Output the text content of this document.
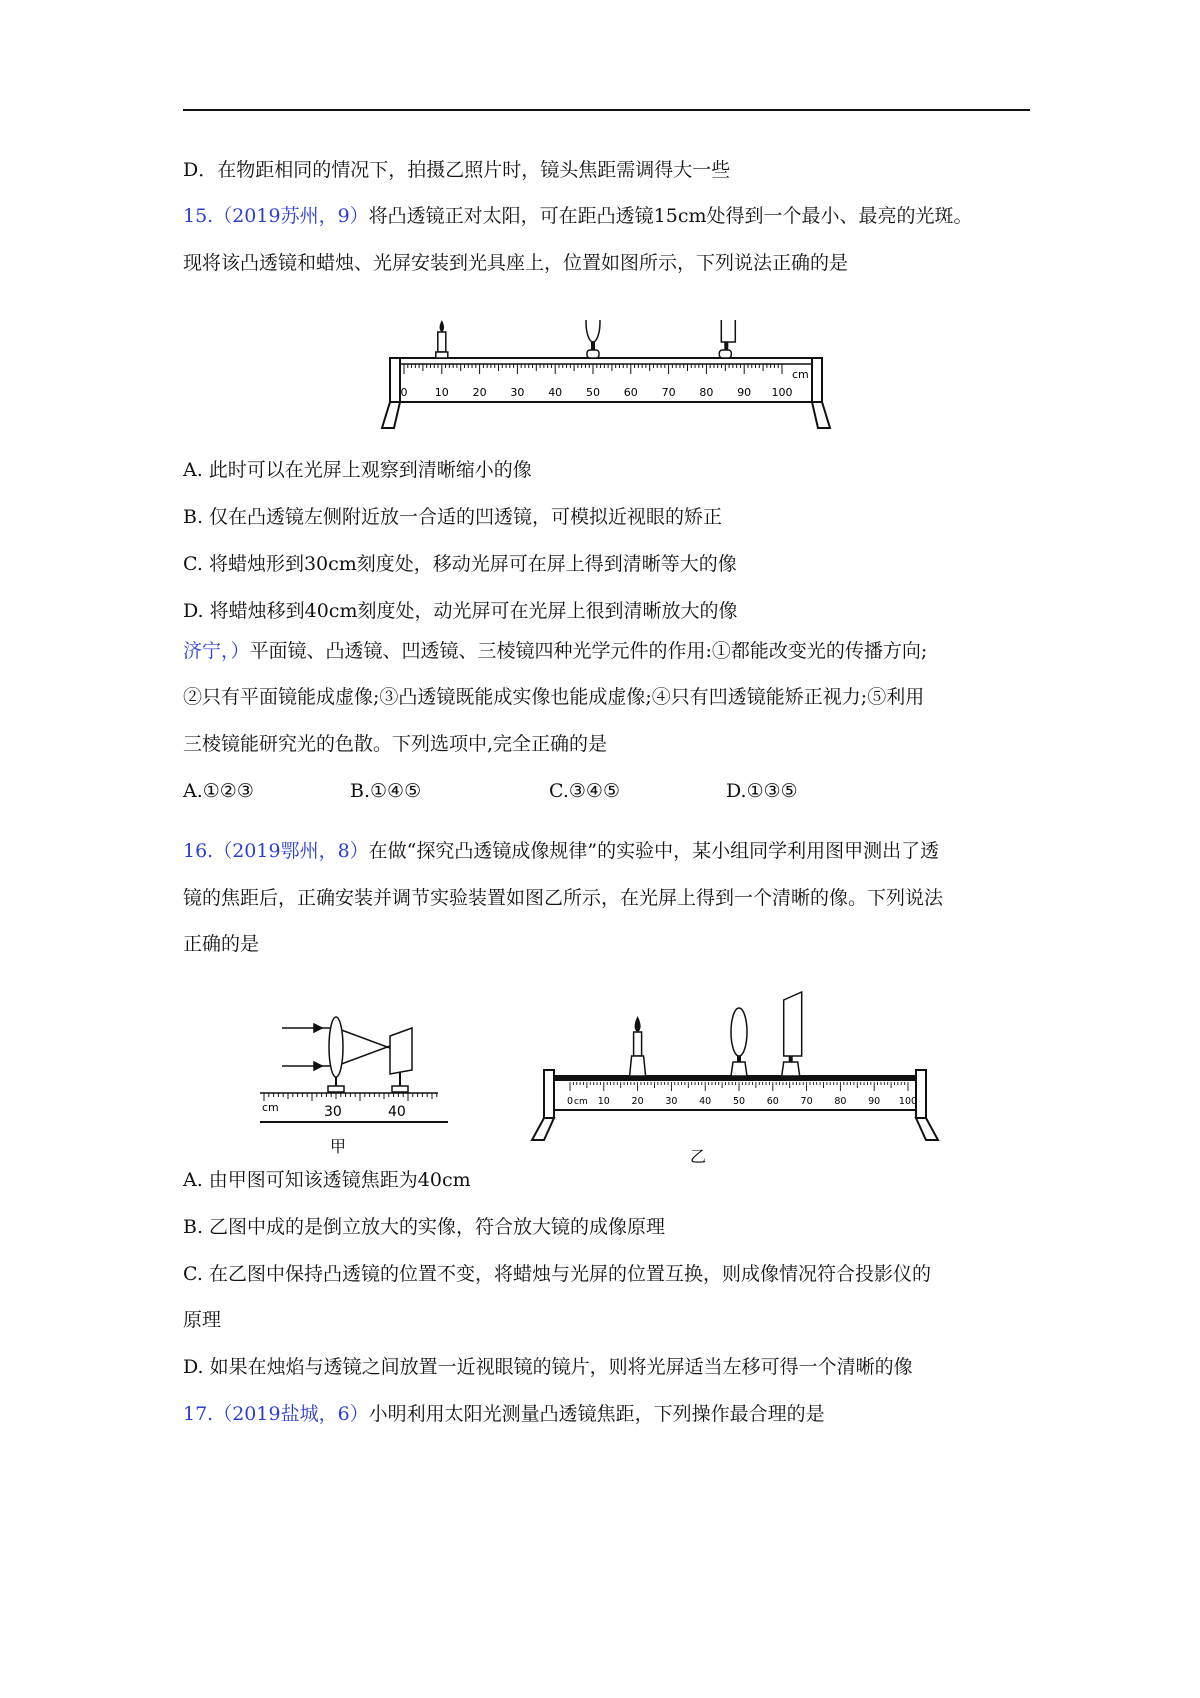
D．在物距相同的情况下，拍摄乙照片时，镜头焦距需调得大一些
15.（2019苏州，9）将凸透镜正对太阳，可在距凸透镜15cm处得到一个最小、最亮的光斑。
现将该凸透镜和蜡烛、光屏安装到光具座上，位置如图所示，下列说法正确的是
0 10 20 30 40 50 60 70 80 90 100
cm
A. 此时可以在光屏上观察到清晰缩小的像
B. 仅在凸透镜左侧附近放一合适的凹透镜，可模拟近视眼的矫正
C. 将蜡烛形到30cm刻度处，移动光屏可在屏上得到清晰等大的像
D. 将蜡烛移到40cm刻度处，动光屏可在光屏上很到清晰放大的像
济宁，）平面镜、凸透镜、凹透镜、三棱镜四种光学元件的作用:①都能改变光的传播方向;
②只有平面镜能成虚像;③凸透镜既能成实像也能成虚像;④只有凹透镜能矫正视力;⑤利用
三棱镜能研究光的色散。下列选项中,完全正确的是
A.①②③	B.①④⑤	C.③④⑤	D.①③⑤
16.（2019鄂州，8）在做“探究凸透镜成像规律”的实验中，某小组同学利用图甲测出了透
镜的焦距后，正确安装并调节实验装置如图乙所示，在光屏上得到一个清晰的像。下列说法
正确的是
cm	30	40
甲
0	10 20 30 40 50 60 70 80 90 100
cm
乙
A. 由甲图可知该透镜焦距为40cm
B. 乙图中成的是倒立放大的实像，符合放大镜的成像原理
C. 在乙图中保持凸透镜的位置不变，将蜡烛与光屏的位置互换，则成像情况符合投影仪的
原理
D. 如果在烛焰与透镜之间放置一近视眼镜的镜片，则将光屏适当左移可得一个清晰的像
17.（2019盐城，6）小明利用太阳光测量凸透镜焦距，下列操作最合理的是
